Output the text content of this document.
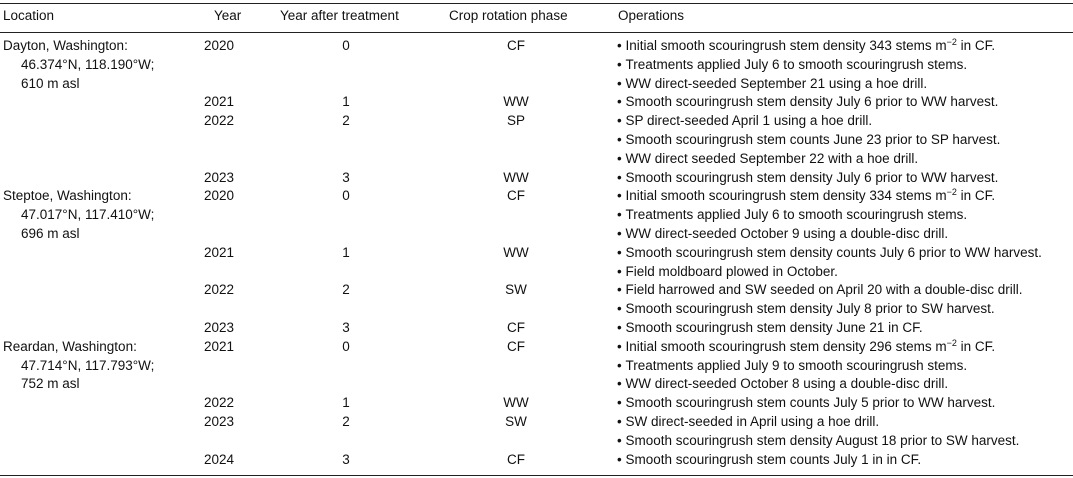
Location	Year	Year after treatment	Crop rotation phase	Operations
Dayton, Washington:
46.374°N, 118.190°W;
610 m asl
2020	0	CF	• Initial smooth scouringrush stem density 343 stems $m^{-2}$ in CF.
• Treatments applied July 6 to smooth scouringrush stems.
• WW direct-seeded September 21 using a hoe drill.
2021	1	WW	• Smooth scouringrush stem density July 6 prior to WW harvest.
2022	2	SP	• SP direct-seeded April 1 using a hoe drill.
• Smooth scouringrush stem counts June 23 prior to SP harvest.
• WW direct seeded September 22 with a hoe drill.
2023	3	WW	• Smooth scouringrush stem density July 6 prior to WW harvest.
Steptoe, Washington:
47.017°N, 117.410°W;
696 m asl
2020	0	CF	• Initial smooth scouringrush stem density 334 stems $m^{-2}$ in CF.
• Treatments applied July 6 to smooth scouringrush stems.
• WW direct-seeded October 9 using a double-disc drill.
2021	1	WW	• Smooth scouringrush stem density counts July 6 prior to WW harvest.
• Field moldboard plowed in October.
2022	2	SW	• Field harrowed and SW seeded on April 20 with a double-disc drill.
• Smooth scouringrush stem density July 8 prior to SW harvest.
2023	3	CF	• Smooth scouringrush stem density June 21 in CF.
Reardan, Washington:
47.714°N, 117.793°W;
752 m asl
2021	0	CF	• Initial smooth scouringrush stem density 296 stems $m^{-2}$ in CF.
• Treatments applied July 9 to smooth scouringrush stems.
• WW direct-seeded October 8 using a double-disc drill.
2022	1	WW	• Smooth scouringrush stem counts July 5 prior to WW harvest.
2023	2	SW	• SW direct-seeded in April using a hoe drill.
• Smooth scouringrush stem density August 18 prior to SW harvest.
2024	3	CF	• Smooth scouringrush stem counts July 1 in in CF.
